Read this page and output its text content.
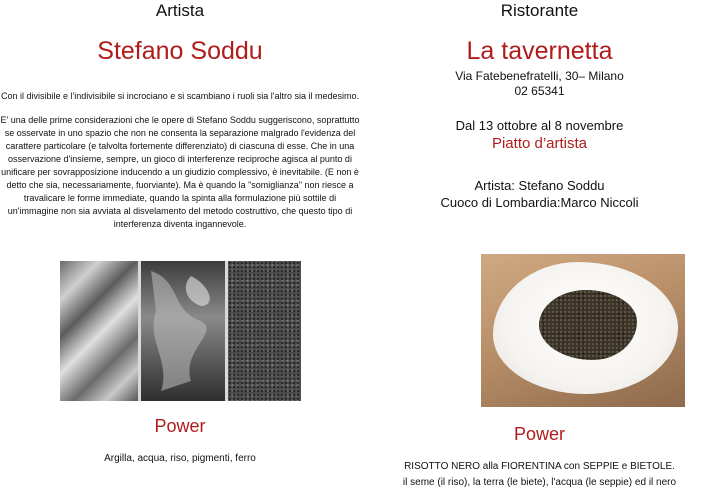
Artista
Stefano Soddu
Con il divisibile e l'indivisibile si incrociano e si scambiano i ruoli sia l'altro sia il medesimo.
E' una delle prime considerazioni che le opere di Stefano Soddu suggeriscono, soprattutto
se osservate in uno spazio che non ne consenta la separazione malgrado l'evidenza del
carattere particolare (e talvolta fortemente differenziato) di ciascuna di esse. Che in una
osservazione d'insieme, sempre, un gioco di interferenze reciproche agisca al punto di
unificare per sovrapposizione inducendo a un giudizio complessivo, è inevitabile. (E non è
detto che sia, necessariamente, fuorviante). Ma è quando la "somiglianza" non riesce a
travalicare le forme immediate, quando la spinta alla formulazione più sottile di
un'immagine non sia avviata al disvelamento del metodo costruttivo, che questo tipo di
interferenza diventa ingannevole.
Power
Argilla, acqua, riso, pigmenti, ferro
Ristorante
La tavernetta
Via Fatebenefratelli, 30– Milano
02 65341
Dal 13 ottobre al 8 novembre
Piatto d’artista
Artista: Stefano Soddu
Cuoco di Lombardia:Marco Niccoli
Power
RISOTTO NERO alla FIORENTINA con SEPPIE e BIETOLE.
il seme (il riso), la terra (le biete), l'acqua (le seppie) ed il nero
